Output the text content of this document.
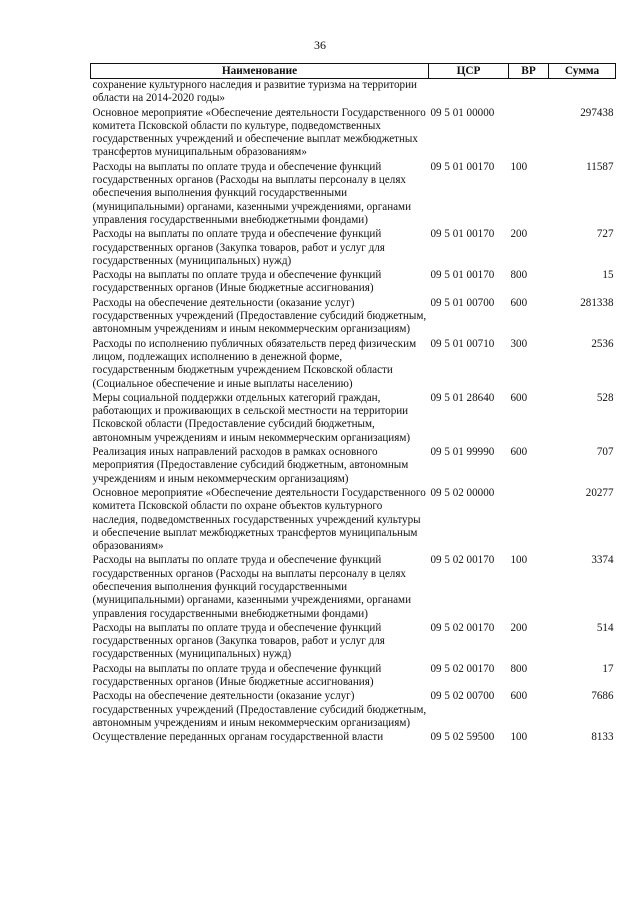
36
Наименование	ЦСР	ВР	Сумма
сохранение культурного наследия и развитие туризма на территории области на 2014-2020 годы»			
Основное мероприятие «Обеспечение деятельности Государственного комитета Псковской области по культуре, подведомственных государственных учреждений и обеспечение выплат межбюджетных трансфертов муниципальным образованиям»	09 5 01 00000		297438
Расходы на выплаты по оплате труда и обеспечение функций государственных органов (Расходы на выплаты персоналу в целях обеспечения выполнения функций государственными (муниципальными) органами, казенными учреждениями, органами управления государственными внебюджетными фондами)	09 5 01 00170	100	11587
Расходы на выплаты по оплате труда и обеспечение функций государственных органов (Закупка товаров, работ и услуг для государственных (муниципальных) нужд)	09 5 01 00170	200	727
Расходы на выплаты по оплате труда и обеспечение функций государственных органов (Иные бюджетные ассигнования)	09 5 01 00170	800	15
Расходы на обеспечение деятельности (оказание услуг) государственных учреждений (Предоставление субсидий бюджетным, автономным учреждениям и иным некоммерческим организациям)	09 5 01 00700	600	281338
Расходы по исполнению публичных обязательств перед физическим лицом, подлежащих исполнению в денежной форме, государственным бюджетным учреждением Псковской области (Социальное обеспечение и иные выплаты населению)	09 5 01 00710	300	2536
Меры социальной поддержки отдельных категорий граждан, работающих и проживающих в сельской местности на территории Псковской области (Предоставление субсидий бюджетным, автономным учреждениям и иным некоммерческим организациям)	09 5 01 28640	600	528
Реализация иных направлений расходов в рамках основного мероприятия (Предоставление субсидий бюджетным, автономным учреждениям и иным некоммерческим организациям)	09 5 01 99990	600	707
Основное мероприятие «Обеспечение деятельности Государственного комитета Псковской области по охране объектов культурного наследия, подведомственных государственных учреждений культуры и обеспечение выплат межбюджетных трансфертов муниципальным образованиям»	09 5 02 00000		20277
Расходы на выплаты по оплате труда и обеспечение функций государственных органов (Расходы на выплаты персоналу в целях обеспечения выполнения функций государственными (муниципальными) органами, казенными учреждениями, органами управления государственными внебюджетными фондами)	09 5 02 00170	100	3374
Расходы на выплаты по оплате труда и обеспечение функций государственных органов (Закупка товаров, работ и услуг для государственных (муниципальных) нужд)	09 5 02 00170	200	514
Расходы на выплаты по оплате труда и обеспечение функций государственных органов (Иные бюджетные ассигнования)	09 5 02 00170	800	17
Расходы на обеспечение деятельности (оказание услуг) государственных учреждений (Предоставление субсидий бюджетным, автономным учреждениям и иным некоммерческим организациям)	09 5 02 00700	600	7686
Осуществление переданных органам государственной власти	09 5 02 59500	100	8133
